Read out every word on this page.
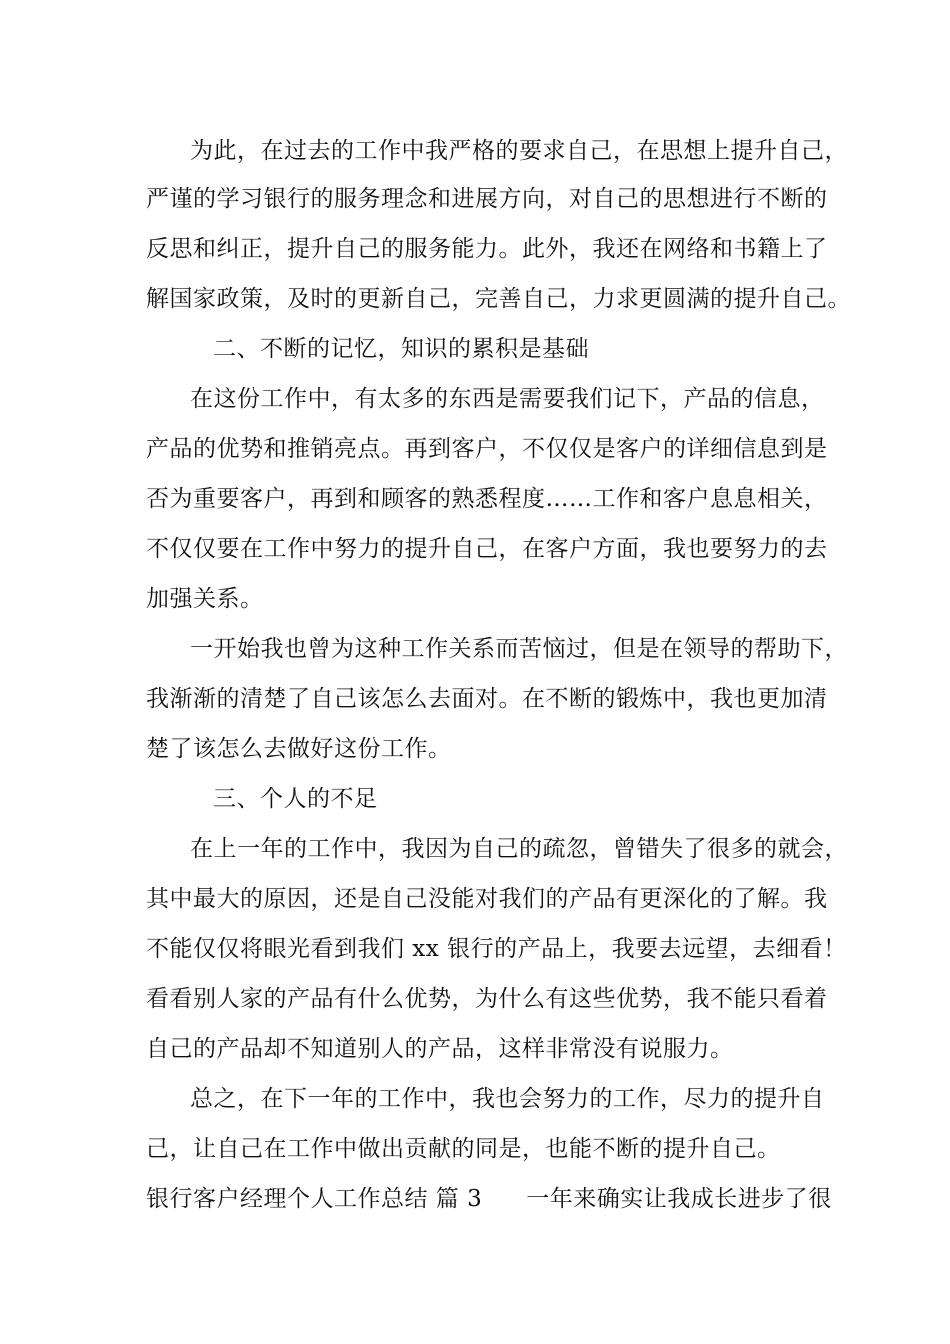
为此，在过去的工作中我严格的要求自己，在思想上提升自己，
严谨的学习银行的服务理念和进展方向，对自己的思想进行不断的
反思和纠正，提升自己的服务能力。此外，我还在网络和书籍上了
解国家政策，及时的更新自己，完善自己，力求更圆满的提升自己。
二、不断的记忆，知识的累积是基础
在这份工作中，有太多的东西是需要我们记下，产品的信息，
产品的优势和推销亮点。再到客户，不仅仅是客户的详细信息到是
否为重要客户，再到和顾客的熟悉程度……工作和客户息息相关，
不仅仅要在工作中努力的提升自己，在客户方面，我也要努力的去
加强关系。
一开始我也曾为这种工作关系而苦恼过，但是在领导的帮助下，
我渐渐的清楚了自己该怎么去面对。在不断的锻炼中，我也更加清
楚了该怎么去做好这份工作。
三、个人的不足
在上一年的工作中，我因为自己的疏忽，曾错失了很多的就会，
其中最大的原因，还是自己没能对我们的产品有更深化的了解。我
不能仅仅将眼光看到我们 xx 银行的产品上，我要去远望，去细看！
看看别人家的产品有什么优势，为什么有这些优势，我不能只看着
自己的产品却不知道别人的产品，这样非常没有说服力。
总之，在下一年的工作中，我也会努力的工作，尽力的提升自
己，让自己在工作中做出贡献的同是，也能不断的提升自己。
银行客户经理个人工作总结 篇 3 一年来确实让我成长进步了很
